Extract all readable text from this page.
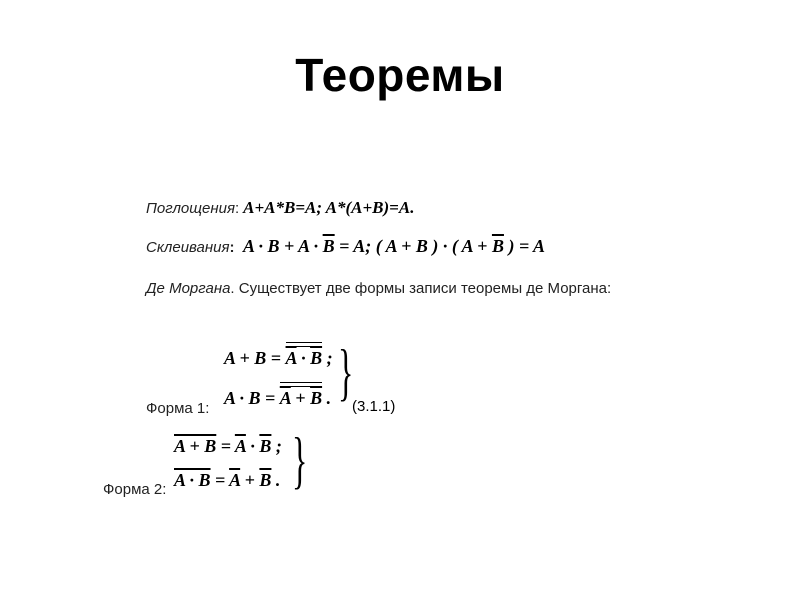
Теоремы
Поглощения: A+A*B=A; A*(A+B)=A.
Склеивания:  $A \cdot B + A \cdot \overline{B} = A$; ( A + B ) · ( $A + \overline{B}$ ) = A
Де Моргана. Существует две формы записи теоремы де Моргана:
$A + B = \overline{A} \cdot \overline{B}$ ;
$A \cdot B = \overline{A} + \overline{B}$ . }
Форма 1:	(3.1.1)
$A + B = \overline{A} \cdot \overline{B}$ ;
$A \cdot B = \overline{A} + \overline{B}$ . }
Форма 2:
